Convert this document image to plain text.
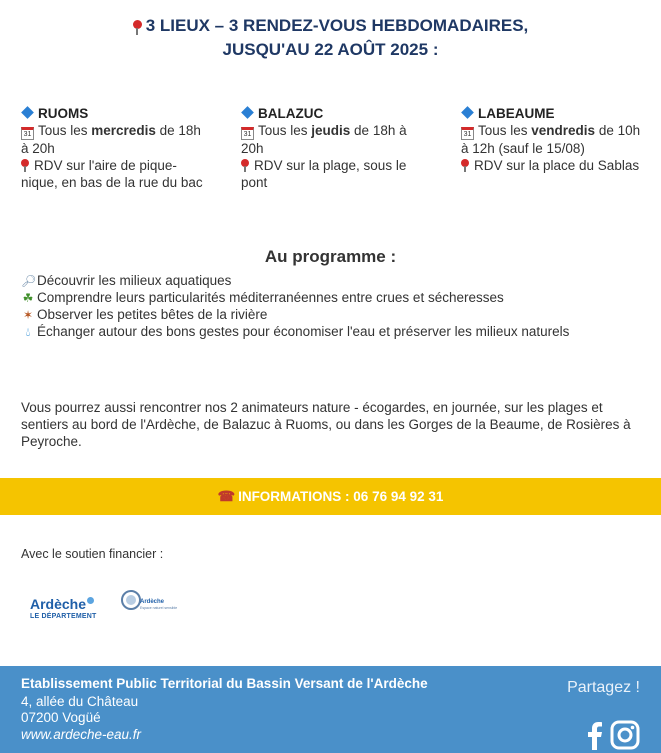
3 LIEUX – 3 RENDEZ-VOUS HEBDOMADAIRES,
JUSQU'AU 22 AOÛT 2025 :
RUOMS
31 Tous les mercredis de 18h à 20h
RDV sur l'aire de pique-nique, en bas de la rue du bac
BALAZUC
31 Tous les jeudis de 18h à 20h
RDV sur la plage, sous le pont
LABEAUME
31 Tous les vendredis de 10h à 12h (sauf le 15/08)
RDV sur la place du Sablas
Au programme :
🔎︎Découvrir les milieux aquatiques
☘ Comprendre leurs particularités méditerranéennes entre crues et sécheresses
✶ Observer les petites bêtes de la rivière
💧︎ Échanger autour des bons gestes pour économiser l'eau et préserver les milieux naturels
Vous pourrez aussi rencontrer nos 2 animateurs nature - écogardes, en journée, sur les plages et sentiers au bord de l'Ardèche, de Balazuc à Ruoms, ou dans les Gorges de la Beaume, de Rosières à Peyroche.
☎ INFORMATIONS : 06 76 94 92 31
Avec le soutien financier :
Ardèche
LE DÉPARTEMENT
Ardèche
Espace naturel sensible
Etablissement Public Territorial du Bassin Versant de l'Ardèche
4, allée du Château
07200 Vogüé
www.ardeche-eau.fr
Partagez !
